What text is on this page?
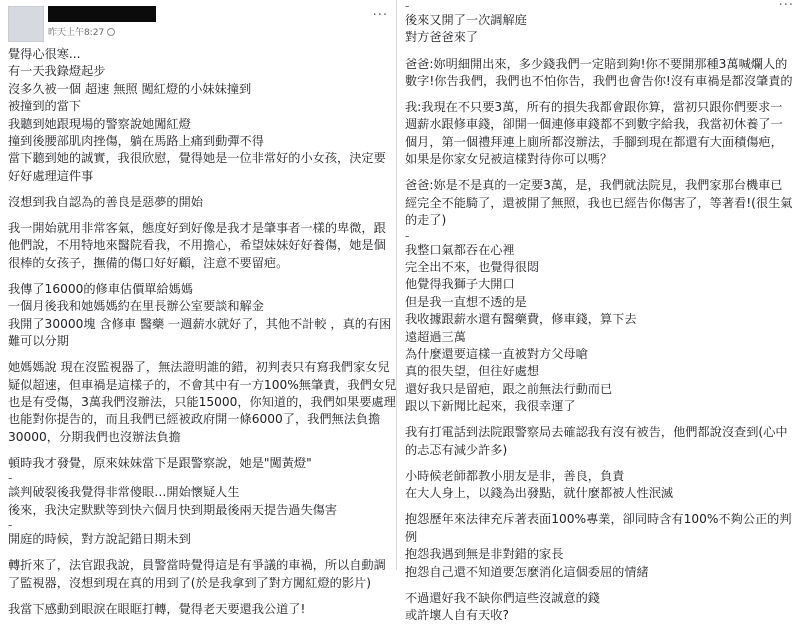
昨天上午8:27
···
覺得心很寒...
有一天我錄燈起步
沒多久被一個 超速 無照 闖紅燈的小妹妹撞到
被撞到的當下
我聽到她跟現場的警察說她闖紅燈
撞到後腰部肌肉挫傷，躺在馬路上痛到動彈不得
當下聽到她的誠實，我很欣慰，覺得她是一位非常好的小女孩，決定要
好好處理這件事
沒想到我自認為的善良是惡夢的開始
我一開始就用非常客氣，態度好到好像是我才是肇事者一樣的卑微，跟
他們說，不用特地來醫院看我，不用擔心，希望妹妹好好養傷，她是個
很棒的女孩子，撫備的傷口好好顧，注意不要留疤。
我傳了16000的修車估價單給媽媽
一個月後我和她媽媽約在里長辦公室要談和解金
我開了30000塊 含修車 醫藥 一週薪水就好了，其他不計較 ，真的有困
難可以分期
她媽媽說 現在沒監視器了，無法證明誰的錯，初判表只有寫我們家女兒
疑似超速，但車禍是這樣子的，不會其中有一方100%無肇責，我們女兒
也是有受傷，3萬我們沒辦法，只能15000，你知道的，我們如果要處理
也能對你提告的，而且我們已經被政府開一條6000了，我們無法負擔
30000，分期我們也沒辦法負擔
頓時我才發覺，原來妹妹當下是跟警察說，她是"闖黃燈"
-
談判破裂後我覺得非常傻眼…開始懷疑人生
後來，我決定默默等到快六個月快到期最後兩天提告過失傷害
-
開庭的時候，對方說記錯日期未到
轉折來了，法官跟我說，員警當時覺得這是有爭議的車禍，所以自動調
了監視器，沒想到現在真的用到了(於是我拿到了對方闖紅燈的影片)
我當下感動到眼淚在眼眶打轉，覺得老天要還我公道了!
···
-
後來又開了一次調解庭
對方爸爸來了
爸爸:妳明細開出來，多少錢我們一定賠到夠!你不要開那種3萬喊爛人的
數字!你告我們，我們也不怕你告，我們也會告你!沒有車禍是都沒肇責的
我:我現在不只要3萬，所有的損失我都會跟你算，當初只跟你們要求一
週薪水跟修車錢，卻開一個連修車錢都不到數字給我，我當初休養了一
個月，第一個禮拜連上廁所都沒辦法，手腳到現在都還有大面積傷疤，
如果是你家女兒被這樣對待你可以嗎？
爸爸:妳是不是真的一定要3萬，是，我們就法院見，我們家那台機車已
經完全不能騎了，還被開了無照，我也已經告你傷害了，等著看!(很生氣
的走了)
-
我整口氣都吞在心裡
完全出不來，也覺得很悶
他覺得我獅子大開口
但是我一直想不透的是
我收據跟薪水還有醫藥費，修車錢，算下去
遠超過三萬
為什麼還要這樣一直被對方父母嗆
真的很失望，但往好處想
還好我只是留疤，跟之前無法行動而已
跟以下新聞比起來，我很幸運了
我有打電話到法院跟警察局去確認我有沒有被告，他們都說沒查到(心中
的忐忑有減少許多)
小時候老師都教小朋友是非，善良，負責
在大人身上，以錢為出發點，就什麼都被人性泯滅
抱怨歷年來法律充斥著表面100%專業，卻同時含有100%不夠公正的判
例
抱怨我遇到無是非對錯的家長
抱怨自己還不知道要怎麼消化這個委屈的情緒
不過還好我不缺你們這些沒誠意的錢
或許壞人自有天收?
